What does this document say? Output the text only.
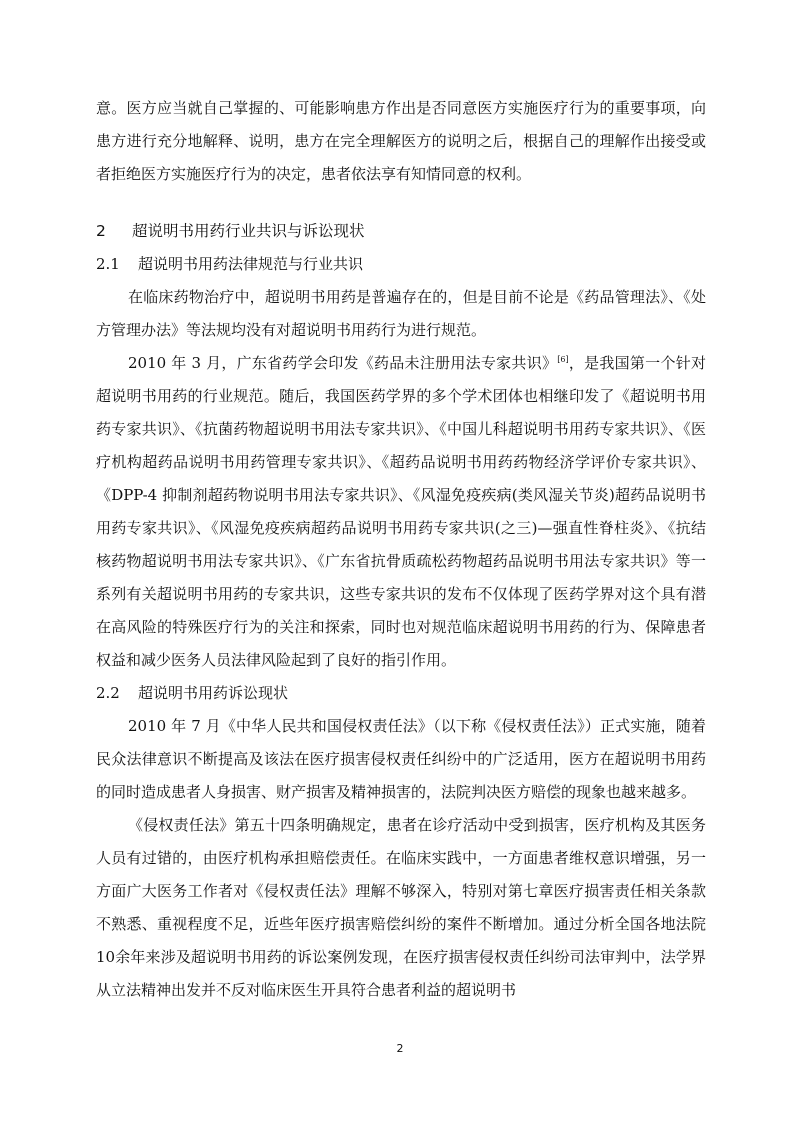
意。医方应当就自己掌握的、可能影响患方作出是否同意医方实施医疗行为的重要事项，向患方进行充分地解释、说明，患方在完全理解医方的说明之后，根据自己的理解作出接受或者拒绝医方实施医疗行为的决定，患者依法享有知情同意的权利。

2 超说明书用药行业共识与诉讼现状
2.1 超说明书用药法律规范与行业共识

在临床药物治疗中，超说明书用药是普遍存在的，但是目前不论是《药品管理法》、《处方管理办法》等法规均没有对超说明书用药行为进行规范。

2010 年 3 月，广东省药学会印发《药品未注册用法专家共识》[6]，是我国第一个针对超说明书用药的行业规范。随后，我国医药学界的多个学术团体也相继印发了《超说明书用药专家共识》、《抗菌药物超说明书用法专家共识》、《中国儿科超说明书用药专家共识》、《医疗机构超药品说明书用药管理专家共识》、《超药品说明书用药药物经济学评价专家共识》、《DPP-4 抑制剂超药物说明书用法专家共识》、《风湿免疫疾病(类风湿关节炎)超药品说明书用药专家共识》、《风湿免疫疾病超药品说明书用药专家共识(之三)—强直性脊柱炎》、《抗结核药物超说明书用法专家共识》、《广东省抗骨质疏松药物超药品说明书用法专家共识》等一系列有关超说明书用药的专家共识，这些专家共识的发布不仅体现了医药学界对这个具有潜在高风险的特殊医疗行为的关注和探索，同时也对规范临床超说明书用药的行为、保障患者权益和减少医务人员法律风险起到了良好的指引作用。

2.2 超说明书用药诉讼现状

2010 年 7 月《中华人民共和国侵权责任法》（以下称《侵权责任法》）正式实施，随着民众法律意识不断提高及该法在医疗损害侵权责任纠纷中的广泛适用，医方在超说明书用药的同时造成患者人身损害、财产损害及精神损害的，法院判决医方赔偿的现象也越来越多。

《侵权责任法》第五十四条明确规定，患者在诊疗活动中受到损害，医疗机构及其医务人员有过错的，由医疗机构承担赔偿责任。在临床实践中，一方面患者维权意识增强，另一方面广大医务工作者对《侵权责任法》理解不够深入，特别对第七章医疗损害责任相关条款不熟悉、重视程度不足，近些年医疗损害赔偿纠纷的案件不断增加。通过分析全国各地法院10余年来涉及超说明书用药的诉讼案例发现，在医疗损害侵权责任纠纷司法审判中，法学界从立法精神出发并不反对临床医生开具符合患者利益的超说明书

2
